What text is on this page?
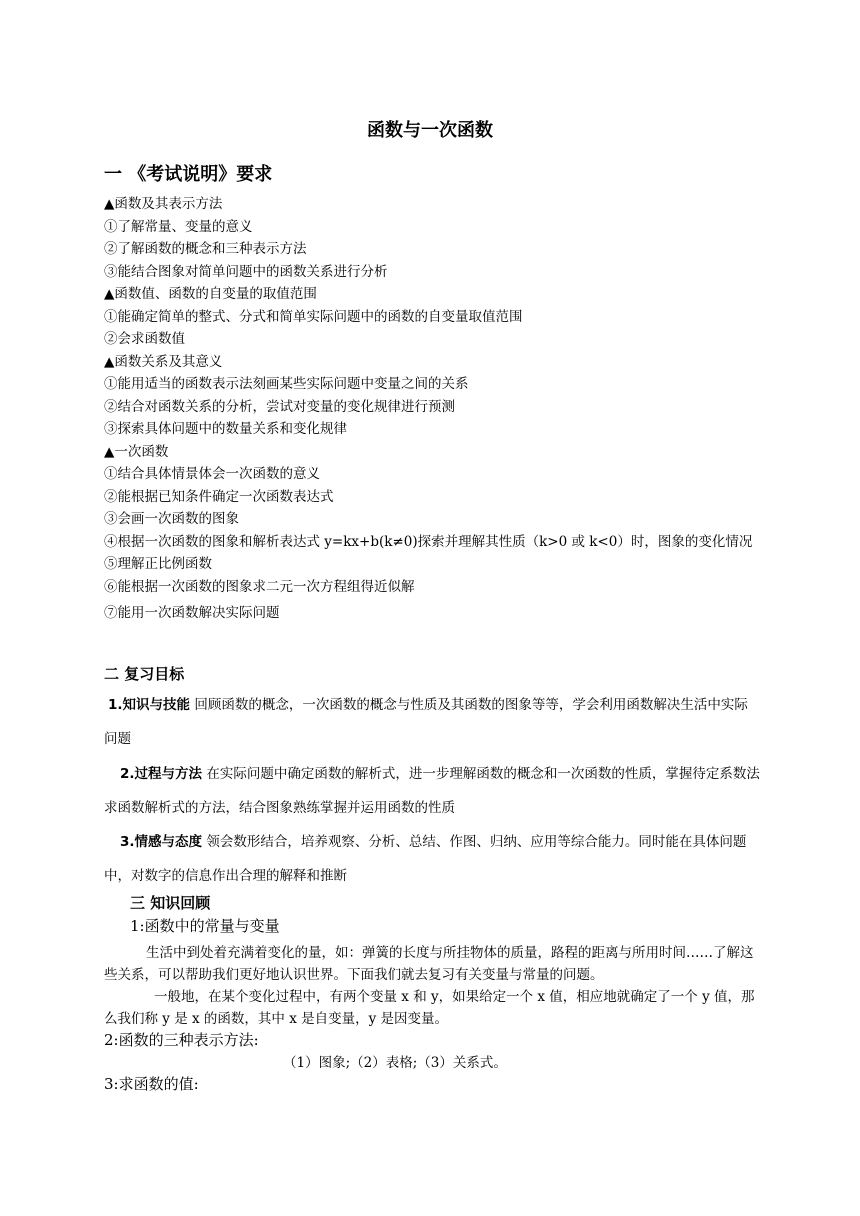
函数与一次函数
一 《考试说明》要求
▲函数及其表示方法
①了解常量、变量的意义
②了解函数的概念和三种表示方法
③能结合图象对简单问题中的函数关系进行分析
▲函数值、函数的自变量的取值范围
①能确定简单的整式、分式和简单实际问题中的函数的自变量取值范围
②会求函数值
▲函数关系及其意义
①能用适当的函数表示法刻画某些实际问题中变量之间的关系
②结合对函数关系的分析，尝试对变量的变化规律进行预测
③探索具体问题中的数量关系和变化规律
▲一次函数
①结合具体情景体会一次函数的意义
②能根据已知条件确定一次函数表达式
③会画一次函数的图象
④根据一次函数的图象和解析表达式 y=kx+b(k≠0)探索并理解其性质（k>0 或 k<0）时，图象的变化情况
⑤理解正比例函数
⑥能根据一次函数的图象求二元一次方程组得近似解
⑦能用一次函数解决实际问题
二 复习目标
1.知识与技能 回顾函数的概念，一次函数的概念与性质及其函数的图象等等，学会利用函数解决生活中实际问题
2.过程与方法 在实际问题中确定函数的解析式，进一步理解函数的概念和一次函数的性质，掌握待定系数法求函数解析式的方法，结合图象熟练掌握并运用函数的性质
3.情感与态度 领会数形结合，培养观察、分析、总结、作图、归纳、应用等综合能力。同时能在具体问题中，对数字的信息作出合理的解释和推断
三 知识回顾
1:函数中的常量与变量
生活中到处着充满着变化的量，如：弹簧的长度与所挂物体的质量，路程的距离与所用时间……了解这些关系，可以帮助我们更好地认识世界。下面我们就去复习有关变量与常量的问题。
一般地，在某个变化过程中，有两个变量 x 和 y，如果给定一个 x 值，相应地就确定了一个 y 值，那么我们称 y 是 x 的函数，其中 x 是自变量，y 是因变量。
2:函数的三种表示方法:
（1）图象;（2）表格;（3）关系式。
3:求函数的值:
